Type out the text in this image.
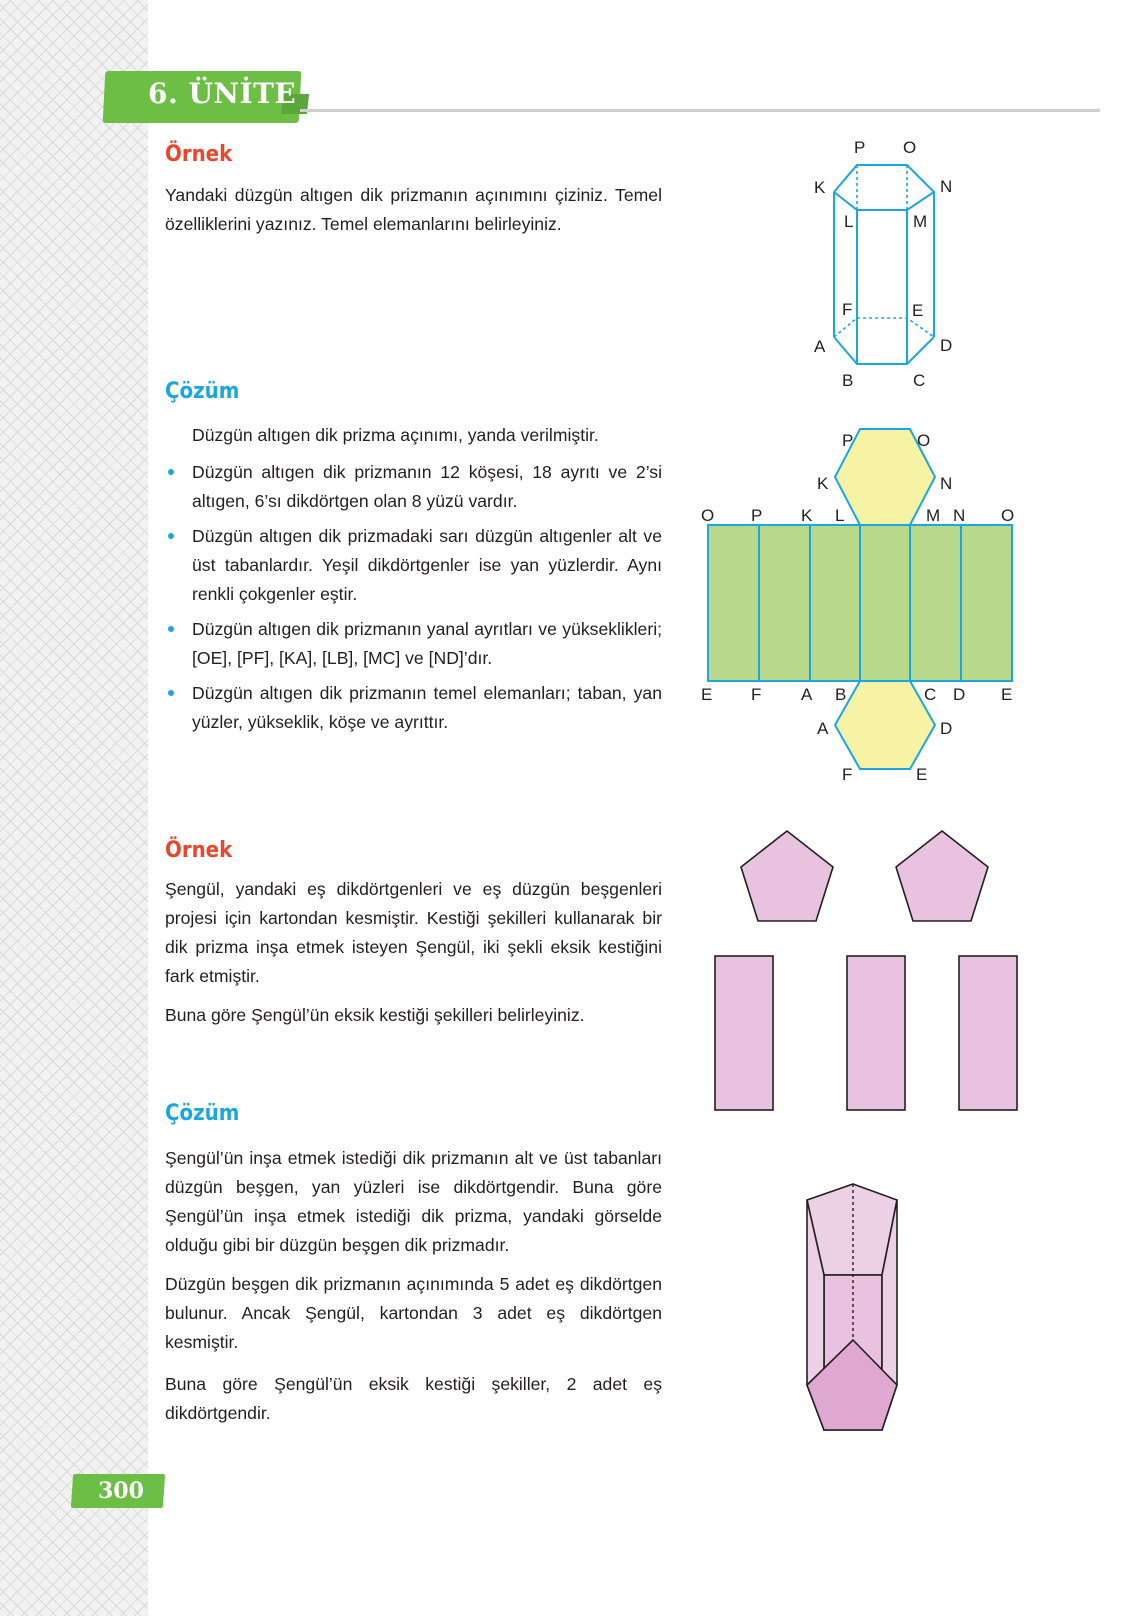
6. ÜNİTE
Örnek

Yandaki düzgün altıgen dik prizmanın açınımını çiziniz. Temel özelliklerini yazınız. Temel elemanlarını belirleyiniz.

P O
K	N
L	M
F	E
A	D
B	C
Çözüm

Düzgün altıgen dik prizma açınımı, yanda verilmiştir.

Düzgün altıgen dik prizmanın 12 köşesi, 18 ayrıtı ve 2’si altıgen, 6’sı dikdörtgen olan 8 yüzü vardır.
Düzgün altıgen dik prizmadaki sarı düzgün altıgenler alt ve üst tabanlardır. Yeşil dikdörtgenler ise yan yüzlerdir. Aynı renkli çokgenler eştir.
Düzgün altıgen dik prizmanın yanal ayrıtları ve yükseklikleri; [OE], [PF], [KA], [LB], [MC] ve [ND]’dır.
Düzgün altıgen dik prizmanın temel elemanları; taban, yan yüzler, yükseklik, köşe ve ayrıttır.
P	O
K	N
O P K L	M N O
E F A B	C D E
A	D
F	E
Örnek

Şengül, yandaki eş dikdörtgenleri ve eş düzgün beşgenleri projesi için kartondan kesmiştir. Kestiği şekilleri kullanarak bir dik prizma inşa etmek isteyen Şengül, iki şekli eksik kestiğini fark etmiştir.

Buna göre Şengül’ün eksik kestiği şekilleri belirleyiniz.

Çözüm

Şengül’ün inşa etmek istediği dik prizmanın alt ve üst tabanları düzgün beşgen, yan yüzleri ise dikdörtgendir. Buna göre Şengül’ün inşa etmek istediği dik prizma, yandaki görselde olduğu gibi bir düzgün beşgen dik prizmadır.

Düzgün beşgen dik prizmanın açınımında 5 adet eş dikdörtgen bulunur. Ancak Şengül, kartondan 3 adet eş dikdörtgen kesmiştir.

Buna göre Şengül’ün eksik kestiği şekiller, 2 adet eş dikdörtgendir.

300
